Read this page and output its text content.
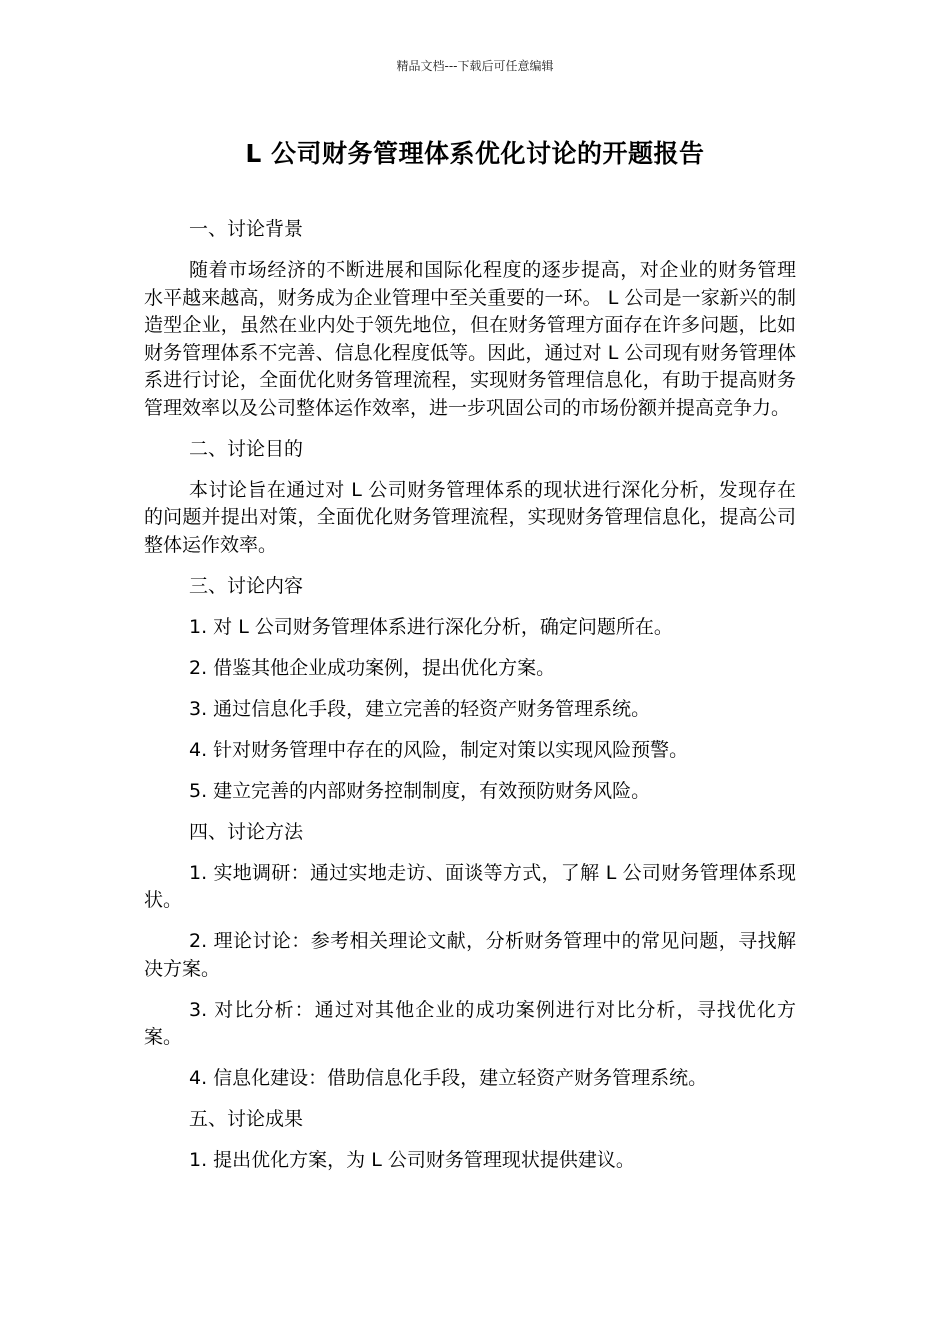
精品文档---下载后可任意编辑
L 公司财务管理体系优化讨论的开题报告

一、讨论背景

随着市场经济的不断进展和国际化程度的逐步提高，对企业的财务管理水平越来越高，财务成为企业管理中至关重要的一环。 L 公司是一家新兴的制造型企业，虽然在业内处于领先地位，但在财务管理方面存在许多问题，比如财务管理体系不完善、信息化程度低等。因此，通过对 L 公司现有财务管理体系进行讨论，全面优化财务管理流程，实现财务管理信息化，有助于提高财务管理效率以及公司整体运作效率，进一步巩固公司的市场份额并提高竞争力。

二、讨论目的

本讨论旨在通过对 L 公司财务管理体系的现状进行深化分析，发现存在的问题并提出对策，全面优化财务管理流程，实现财务管理信息化，提高公司整体运作效率。

三、讨论内容

1. 对 L 公司财务管理体系进行深化分析，确定问题所在。

2. 借鉴其他企业成功案例，提出优化方案。

3. 通过信息化手段，建立完善的轻资产财务管理系统。

4. 针对财务管理中存在的风险，制定对策以实现风险预警。

5. 建立完善的内部财务控制制度，有效预防财务风险。

四、讨论方法

1. 实地调研：通过实地走访、面谈等方式，了解 L 公司财务管理体系现状。

2. 理论讨论：参考相关理论文献，分析财务管理中的常见问题，寻找解决方案。

3. 对比分析：通过对其他企业的成功案例进行对比分析，寻找优化方案。

4. 信息化建设：借助信息化手段，建立轻资产财务管理系统。

五、讨论成果

1. 提出优化方案，为 L 公司财务管理现状提供建议。
